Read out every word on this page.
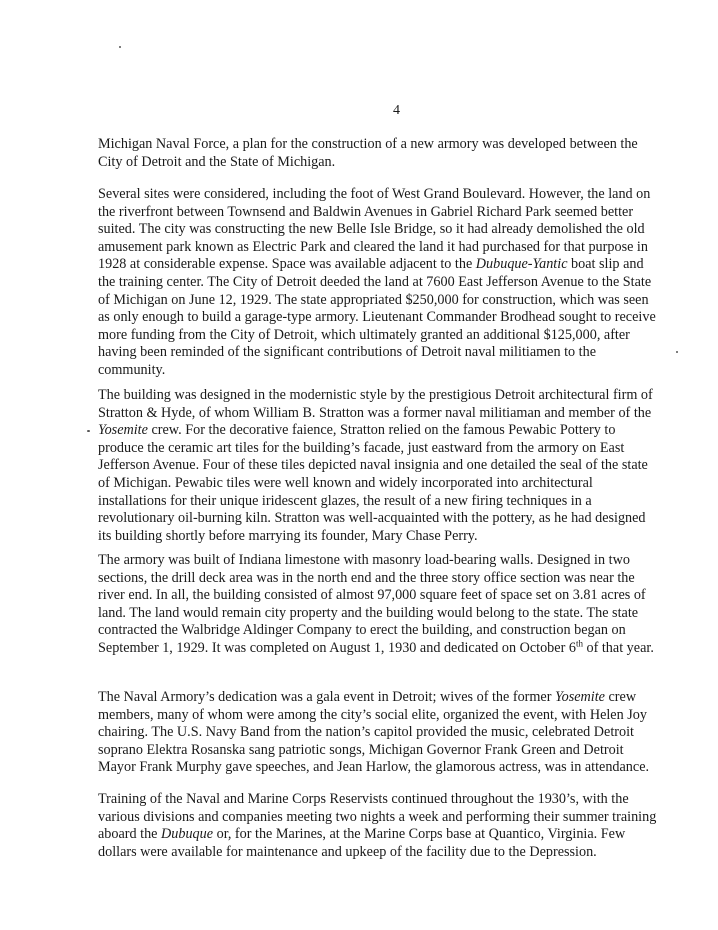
4

Michigan Naval Force, a plan for the construction of a new armory was developed between the City of Detroit and the State of Michigan.

Several sites were considered, including the foot of West Grand Boulevard. However, the land on the riverfront between Townsend and Baldwin Avenues in Gabriel Richard Park seemed better suited. The city was constructing the new Belle Isle Bridge, so it had already demolished the old amusement park known as Electric Park and cleared the land it had purchased for that purpose in 1928 at considerable expense. Space was available adjacent to the Dubuque-Yantic boat slip and the training center. The City of Detroit deeded the land at 7600 East Jefferson Avenue to the State of Michigan on June 12, 1929. The state appropriated $250,000 for construction, which was seen as only enough to build a garage-type armory. Lieutenant Commander Brodhead sought to receive more funding from the City of Detroit, which ultimately granted an additional $125,000, after having been reminded of the significant contributions of Detroit naval militiamen to the community.

The building was designed in the modernistic style by the prestigious Detroit architectural firm of Stratton & Hyde, of whom William B. Stratton was a former naval militiaman and member of the Yosemite crew. For the decorative faience, Stratton relied on the famous Pewabic Pottery to produce the ceramic art tiles for the building’s facade, just eastward from the armory on East Jefferson Avenue. Four of these tiles depicted naval insignia and one detailed the seal of the state of Michigan. Pewabic tiles were well known and widely incorporated into architectural installations for their unique iridescent glazes, the result of a new firing techniques in a revolutionary oil-burning kiln. Stratton was well-acquainted with the pottery, as he had designed its building shortly before marrying its founder, Mary Chase Perry.

The armory was built of Indiana limestone with masonry load-bearing walls. Designed in two sections, the drill deck area was in the north end and the three story office section was near the river end. In all, the building consisted of almost 97,000 square feet of space set on 3.81 acres of land. The land would remain city property and the building would belong to the state. The state contracted the Walbridge Aldinger Company to erect the building, and construction began on September 1, 1929. It was completed on August 1, 1930 and dedicated on October 6th of that year.

The Naval Armory’s dedication was a gala event in Detroit; wives of the former Yosemite crew members, many of whom were among the city’s social elite, organized the event, with Helen Joy chairing. The U.S. Navy Band from the nation’s capitol provided the music, celebrated Detroit soprano Elektra Rosanska sang patriotic songs, Michigan Governor Frank Green and Detroit Mayor Frank Murphy gave speeches, and Jean Harlow, the glamorous actress, was in attendance.

Training of the Naval and Marine Corps Reservists continued throughout the 1930’s, with the various divisions and companies meeting two nights a week and performing their summer training aboard the Dubuque or, for the Marines, at the Marine Corps base at Quantico, Virginia. Few dollars were available for maintenance and upkeep of the facility due to the Depression.
